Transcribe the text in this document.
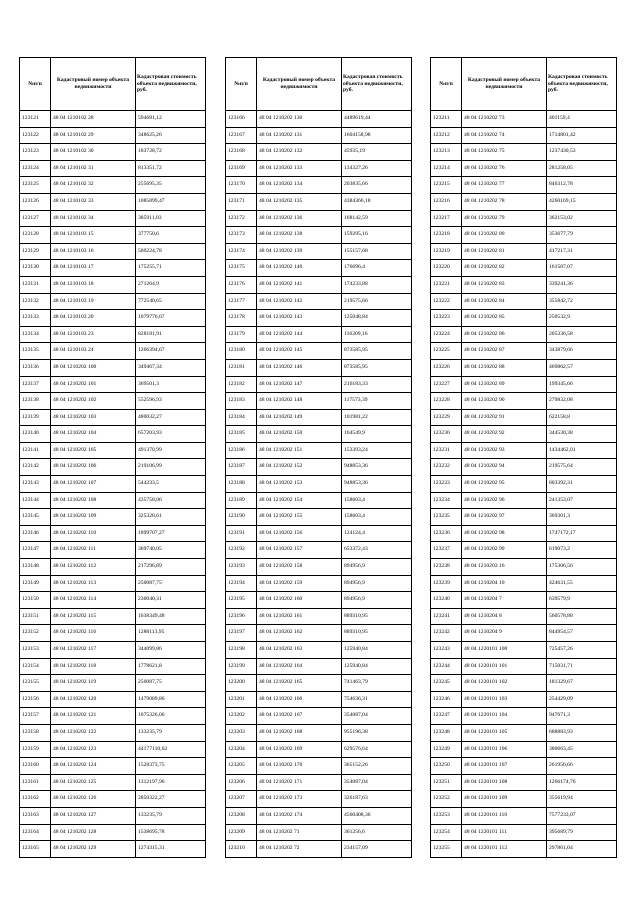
№п/п	Кадастровый номер объекта недвижимости	Кадастровая стоимость объекта недвижимости, руб.
123121	48 04 1210102 28	594681,12
123122	48 04 1210102 29	348625,26
123123	48 04 1210102 30	183728,72
123124	48 04 1210102 31	813351,72
123125	48 04 1210102 32	255695,35
123126	48 04 1210102 33	1085899,47
123127	48 04 1210102 34	385911,03
123128	48 04 1210103 15	377750,6
123129	48 04 1210103 16	560224,78
123130	48 04 1210103 17	175255,71
123131	48 04 1210103 18	271264,9
123132	48 04 1210103 19	772540,65
123133	48 04 1210103 20	1079776,67
123134	48 04 1210103 23	828181,91
123135	48 04 1210103 24	1266394,67
123136	48 04 1210202 100	349467,34
123137	48 04 1210202 101	369501,3
123138	48 04 1210202 102	552596,93
123139	48 04 1210202 103	480032,27
123140	48 04 1210202 104	657203,93
123141	48 04 1210202 105	491370,99
123142	48 04 1210202 106	219106,99
123143	48 04 1210202 107	544233,5
123144	48 04 1210202 108	435758,06
123145	48 04 1210202 109	325328,61
123146	48 04 1210202 110	1899707,27
123147	48 04 1210202 111	369740,05
123148	48 04 1210202 112	217296,89
123149	48 04 1210202 113	250087,75
123150	48 04 1210202 114	230040,31
123151	48 04 1210202 115	1638349,48
123152	48 04 1210202 116	1288113,95
123153	48 04 1210202 117	344099,86
123154	48 04 1210202 118	1778621,8
123155	48 04 1210202 119	250087,75
123156	48 04 1210202 120	1479089,86
123157	48 04 1210202 121	1075326,06
123158	48 04 1210202 122	133235,79
123159	48 04 1210202 123	44177110,62
123160	48 04 1210202 124	1528373,75
123161	48 04 1210202 125	1312197,96
123162	48 04 1210202 126	2850322,27
123163	48 04 1210202 127	133235,79
123164	48 04 1210202 128	1538695,78
123165	48 04 1210202 129	1274315,31
№п/п	Кадастровый номер объекта недвижимости	Кадастровая стоимость объекта недвижимости, руб.
123166	48 04 1210202 130	4489619,44
123167	48 04 1210202 131	1604158,98
123168	48 04 1210202 132	45935,19
123169	48 04 1210202 133	134327,26
123170	48 04 1210202 134	203835,66
123171	48 04 1210202 135	4384366,18
123172	48 04 1210202 136	168142,59
123173	48 04 1210202 138	159295,16
123174	48 04 1210202 139	155157,68
123175	48 04 1210202 140	176696,4
123176	48 04 1210202 141	174233,88
123177	48 04 1210202 142	219575,66
123178	48 04 1210202 143	125048,84
123179	48 04 1210202 144	116309,16
123180	48 04 1210202 145	873585,95
123181	48 04 1210202 146	873585,95
123182	48 04 1210202 147	216183,33
123183	48 04 1210202 148	117573,39
123184	48 04 1210202 149	101981,22
123185	48 04 1210202 150	164549,9
123186	48 04 1210202 151	153393,24
123187	48 04 1210202 152	948853,36
123188	48 04 1210202 153	948853,36
123189	48 04 1210202 154	158603,4
123190	48 04 1210202 155	158603,4
123191	48 04 1210202 156	124124,4
123192	48 04 1210202 157	653372,43
123193	48 04 1210202 158	894956,9
123194	48 04 1210202 159	894956,9
123195	48 04 1210202 160	894956,9
123196	48 04 1210202 161	889310,95
123197	48 04 1210202 162	889310,95
123198	48 04 1210202 163	125940,84
123199	48 04 1210202 164	125940,84
123200	48 04 1210202 165	741463,79
123201	48 04 1210202 166	754636,31
123202	48 04 1210202 167	354087,04
123203	48 04 1210202 168	955196,38
123204	48 04 1210202 169	629576,64
123205	48 04 1210202 170	365152,26
123206	48 04 1210202 171	354087,04
123207	48 04 1210202 173	326187,63
123208	48 04 1210202 174	4560408,36
123209	48 04 1210202 71	361256,6
123210	48 04 1210202 72	234157,09
№п/п	Кадастровый номер объекта недвижимости	Кадастровая стоимость объекта недвижимости, руб.
123211	48 04 1210202 73	401159,4
123212	48 04 1210202 74	1714801,42
123213	48 04 1210202 75	1237430,53
123214	48 04 1210202 76	281258,05
123215	48 04 1210202 77	846312,78
123216	48 04 1210202 78	4260169,15
123217	48 04 1210202 79	362153,02
123218	48 04 1210202 80	353677,79
123219	48 04 1210202 81	417217,31
123220	48 04 1210202 82	161587,07
123221	48 04 1210202 83	339241,36
123222	48 04 1210202 84	355842,72
123223	48 04 1210202 85	250532,9
123224	48 04 1210202 86	205336,58
123225	48 04 1210202 87	343879,66
123226	48 04 1210202 88	469862,57
123227	48 04 1210202 89	199345,66
123228	48 04 1210202 90	279832,08
123229	48 04 1210202 91	622158,8
123230	48 04 1210202 92	344530,38
123231	48 04 1210202 93	1434462,01
123232	48 04 1210202 94	219575,64
123233	48 04 1210202 95	803392,31
123234	48 04 1210202 96	241353,07
123235	48 04 1210202 97	369301,3
123236	48 04 1210202 98	1747172,17
123237	48 04 1210202 99	619073,2
123238	48 04 1210203 16	175306,56
123239	48 04 1210204 10	424631,55
123240	48 04 1210204 7	639579,9
123241	48 04 1210204 8	560578,88
123242	48 04 1210204 9	844954,57
123243	48 04 1220101 100	725457,26
123244	48 04 1220101 101	715031,71
123245	48 04 1220101 102	181329,67
123246	48 04 1220101 103	254429,09
123247	48 04 1220101 104	947671,3
123248	48 04 1220101 105	688883,93
123249	48 04 1220101 106	380663,45
123250	48 04 1220101 107	261956,66
123251	48 04 1220101 108	1266174,76
123252	48 04 1220101 109	355619,94
123253	48 04 1220101 110	7577233,07
123254	48 04 1220101 111	395689,79
123255	48 04 1220101 112	297861,04
